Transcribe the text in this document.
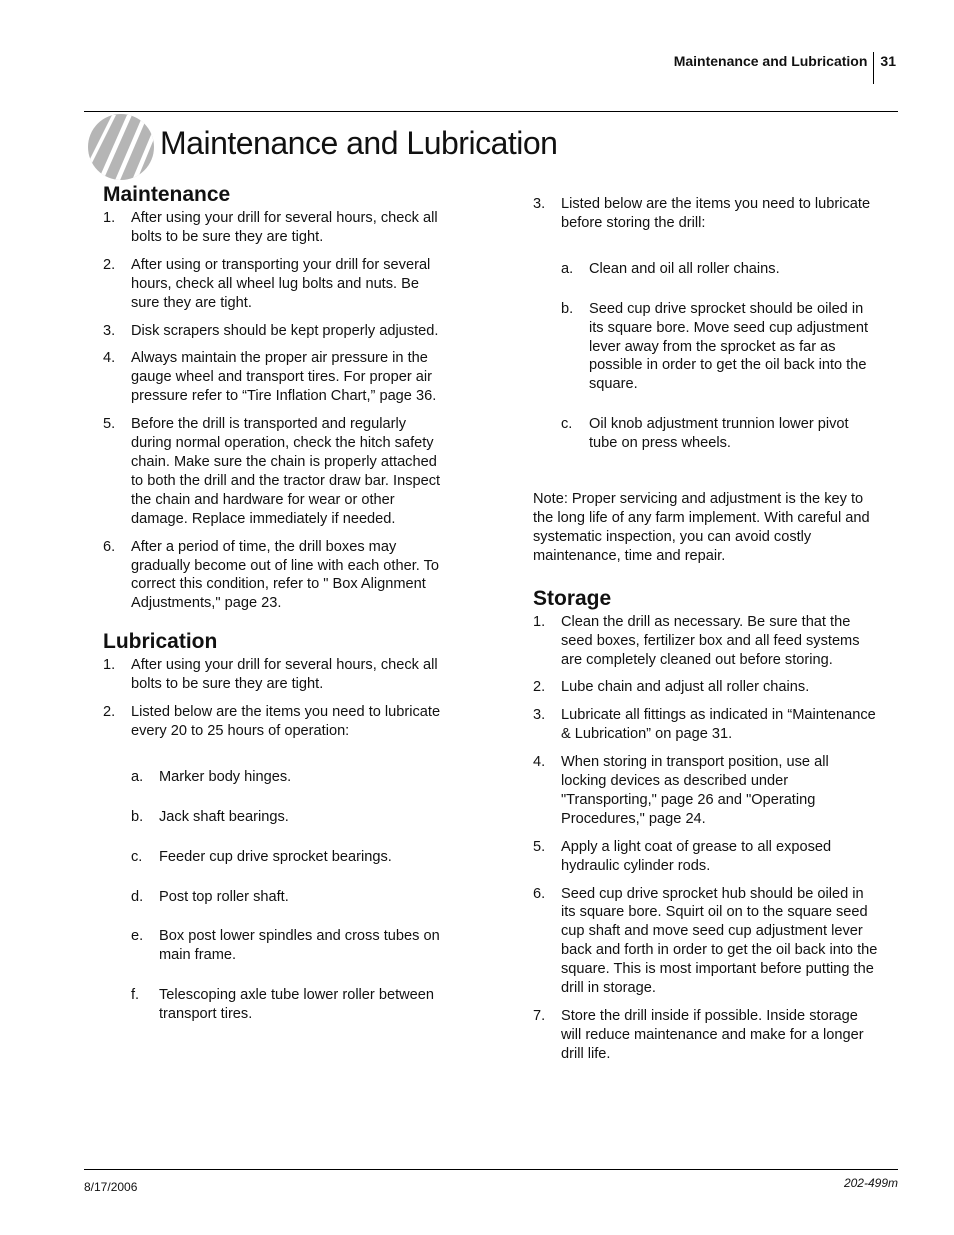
Maintenance and Lubrication 31
Maintenance and Lubrication
Maintenance
1.	After using your drill for several hours, check all bolts to be sure they are tight.
2.	After using or transporting your drill for several hours, check all wheel lug bolts and nuts. Be sure they are tight.
3.	Disk scrapers should be kept properly adjusted.
4.	Always maintain the proper air pressure in the gauge wheel and transport tires. For proper air pressure refer to “Tire Inflation Chart,” page 36.
5.	Before the drill is transported and regularly during normal operation, check the hitch safety chain. Make sure the chain is properly attached to both the drill and the tractor draw bar. Inspect the chain and hardware for wear or other damage. Replace immediately if needed.
6.	After a period of time, the drill boxes may gradually become out of line with each other. To correct this condition, refer to " Box Alignment Adjustments," page 23.
Lubrication
1.	After using your drill for several hours, check all bolts to be sure they are tight.
2.	Listed below are the items you need to lubricate every 20 to 25 hours of operation:
a.	Marker body hinges.
b.	Jack shaft bearings.
c.	Feeder cup drive sprocket bearings.
d.	Post top roller shaft.
e.	Box post lower spindles and cross tubes on main frame.
f.	Telescoping axle tube lower roller between transport tires.
3.	Listed below are the items you need to lubricate before storing the drill:
a.	Clean and oil all roller chains.
b.	Seed cup drive sprocket should be oiled in its square bore. Move seed cup adjustment lever away from the sprocket as far as possible in order to get the oil back into the square.
c.	Oil knob adjustment trunnion lower pivot tube on press wheels.

Note: Proper servicing and adjustment is the key to the long life of any farm implement. With careful and systematic inspection, you can avoid costly maintenance, time and repair.

Storage
1.	Clean the drill as necessary. Be sure that the seed boxes, fertilizer box and all feed systems are completely cleaned out before storing.
2.	Lube chain and adjust all roller chains.
3.	Lubricate all fittings as indicated in “Maintenance & Lubrication” on page 31.
4.	When storing in transport position, use all locking devices as described under "Transporting," page 26 and "Operating Procedures," page 24.
5.	Apply a light coat of grease to all exposed hydraulic cylinder rods.
6.	Seed cup drive sprocket hub should be oiled in its square bore. Squirt oil on to the square seed cup shaft and move seed cup adjustment lever back and forth in order to get the oil back into the square. This is most important before putting the drill in storage.
7.	Store the drill inside if possible. Inside storage will reduce maintenance and make for a longer drill life.
8/17/2006	202-499m
